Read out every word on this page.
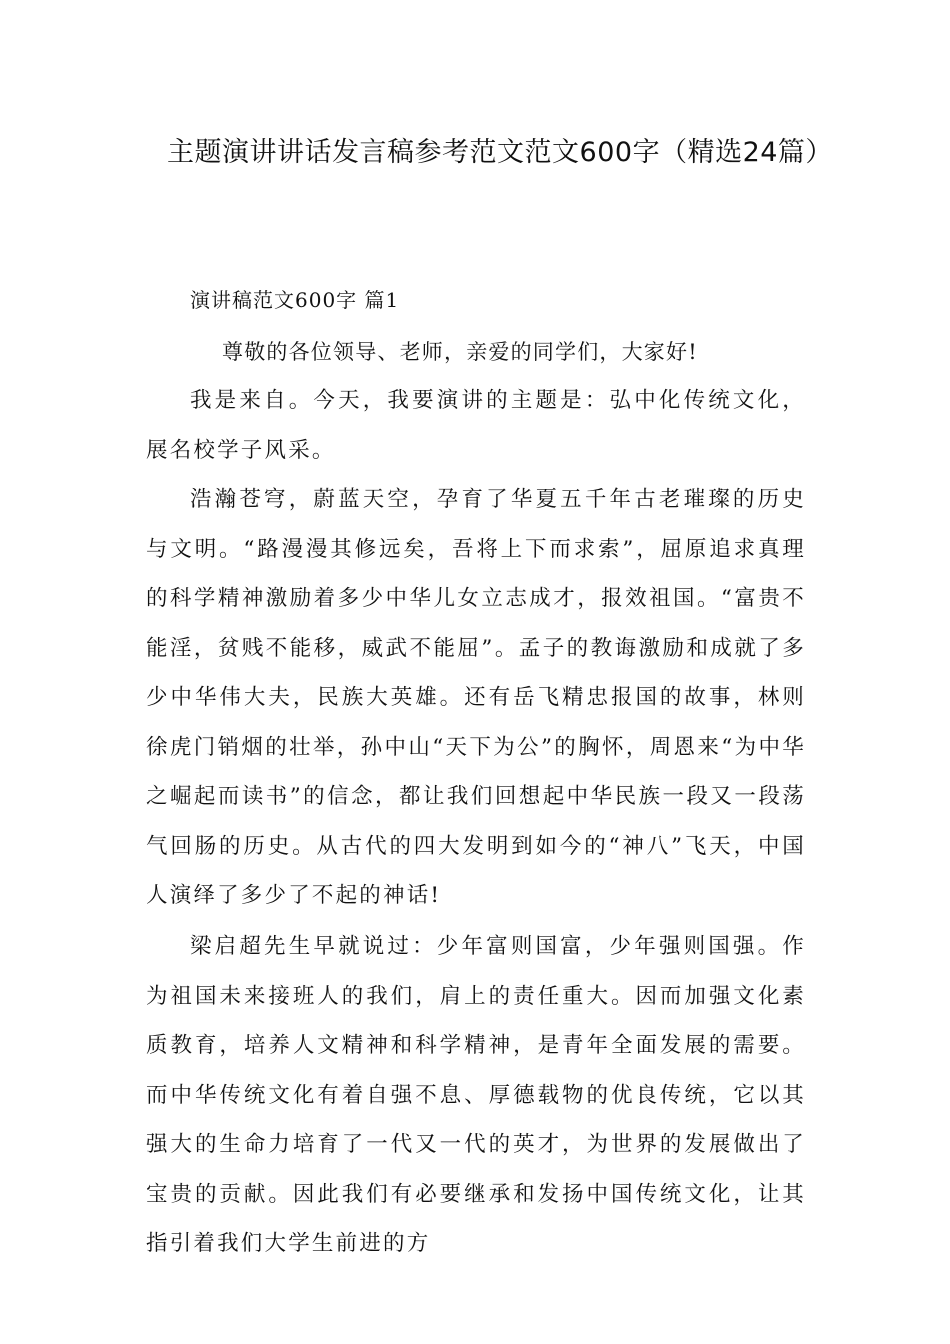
主题演讲讲话发言稿参考范文范文600字（精选24篇）
演讲稿范文600字 篇1
尊敬的各位领导、老师，亲爱的同学们，大家好!

我是来自。今天，我要演讲的主题是：弘中化传统文化，展名校学子风采。

浩瀚苍穹，蔚蓝天空，孕育了华夏五千年古老璀璨的历史与文明。“路漫漫其修远矣，吾将上下而求索”，屈原追求真理的科学精神激励着多少中华儿女立志成才，报效祖国。“富贵不能淫，贫贱不能移，威武不能屈”。孟子的教诲激励和成就了多少中华伟大夫，民族大英雄。还有岳飞精忠报国的故事，林则徐虎门销烟的壮举，孙中山“天下为公”的胸怀，周恩来“为中华之崛起而读书”的信念，都让我们回想起中华民族一段又一段荡气回肠的历史。从古代的四大发明到如今的“神八”飞天，中国人演绎了多少了不起的神话!

梁启超先生早就说过：少年富则国富，少年强则国强。作为祖国未来接班人的我们，肩上的责任重大。因而加强文化素质教育，培养人文精神和科学精神，是青年全面发展的需要。而中华传统文化有着自强不息、厚德载物的优良传统，它以其强大的生命力培育了一代又一代的英才，为世界的发展做出了宝贵的贡献。因此我们有必要继承和发扬中国传统文化，让其指引着我们大学生前进的方
